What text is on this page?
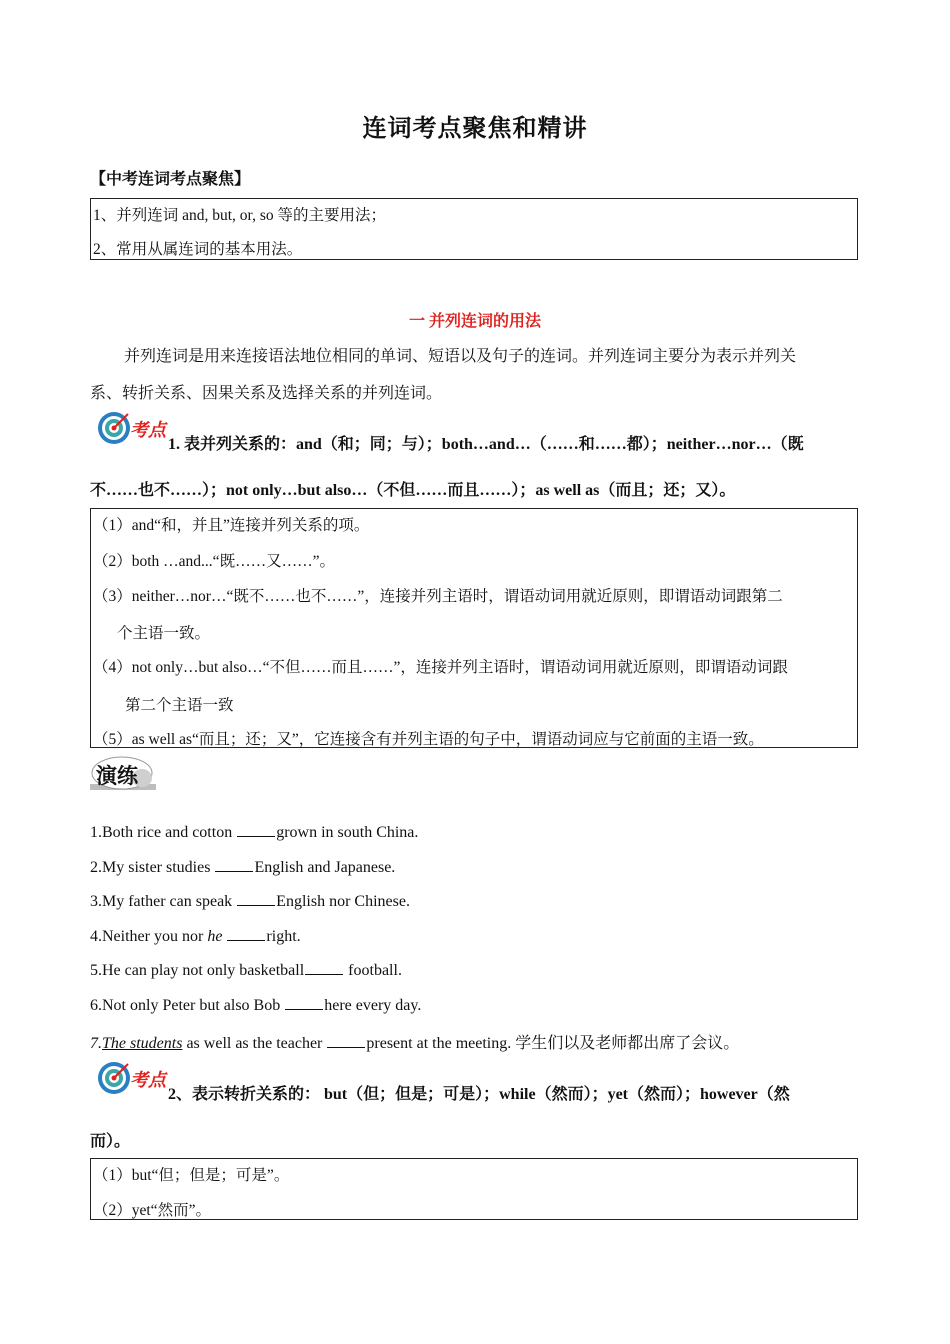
连词考点聚焦和精讲
【中考连词考点聚焦】
1、并列连词 and, but, or, so 等的主要用法；
2、常用从属连词的基本用法。
一 并列连词的用法
并列连词是用来连接语法地位相同的单词、短语以及句子的连词。并列连词主要分为表示并列关
系、转折关系、因果关系及选择关系的并列连词。
考点
1. 表并列关系的：and（和；同；与）；both…and…（……和……都）；neither…nor…（既
不……也不……）；not only…but also…（不但……而且……）；as well as（而且；还；又）。
（1）and“和，并且”连接并列关系的项。
（2）both …and...“既……又……”。
（3）neither…nor…“既不……也不……”，连接并列主语时，谓语动词用就近原则，即谓语动词跟第二
个主语一致。
（4）not only…but also…“不但……而且……”，连接并列主语时，谓语动词用就近原则，即谓语动词跟
第二个主语一致
（5）as well as“而且；还；又”，它连接含有并列主语的句子中，谓语动词应与它前面的主语一致。
演练
1.Both rice and cotton	grown in south China.
2.My sister studies	English and Japanese.
3.My father can speak	English nor Chinese.
4.Neither you nor he	right.
5.He can play not only basketball	football.
6.Not only Peter but also Bob	here every day.
7.The students as well as the teacher	present at the meeting. 学生们以及老师都出席了会议。
考点
2、表示转折关系的： but（但；但是；可是）；while（然而）；yet（然而）；however（然
而）。
（1）but“但；但是；可是”。
（2）yet“然而”。
